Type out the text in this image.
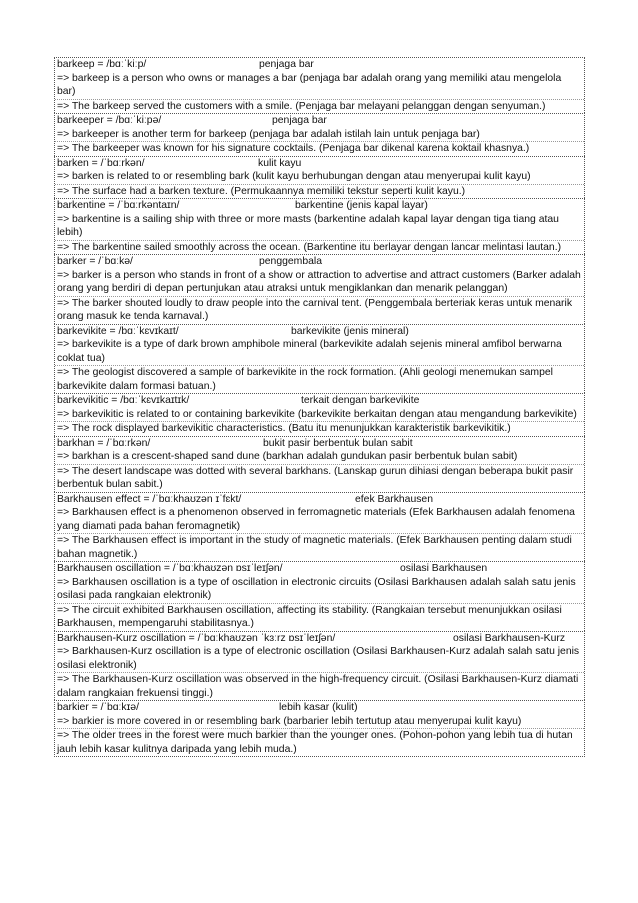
barkeep = /bɑːˈkiːp/	penjaga bar
=> barkeep is a person who owns or manages a bar (penjaga bar adalah orang yang memiliki atau mengelola bar)
=> The barkeep served the customers with a smile. (Penjaga bar melayani pelanggan dengan senyuman.)
barkeeper = /bɑːˈkiːpə/	penjaga bar
=> barkeeper is another term for barkeep (penjaga bar adalah istilah lain untuk penjaga bar)
=> The barkeeper was known for his signature cocktails. (Penjaga bar dikenal karena koktail khasnya.)
barken = /ˈbɑːrkən/	kulit kayu
=> barken is related to or resembling bark (kulit kayu berhubungan dengan atau menyerupai kulit kayu)
=> The surface had a barken texture. (Permukaannya memiliki tekstur seperti kulit kayu.)
barkentine = /ˈbɑːrkəntaɪn/	barkentine (jenis kapal layar)
=> barkentine is a sailing ship with three or more masts (barkentine adalah kapal layar dengan tiga tiang atau lebih)
=> The barkentine sailed smoothly across the ocean. (Barkentine itu berlayar dengan lancar melintasi lautan.)
barker = /ˈbɑːkə/	penggembala
=> barker is a person who stands in front of a show or attraction to advertise and attract customers (Barker adalah orang yang berdiri di depan pertunjukan atau atraksi untuk mengiklankan dan menarik pelanggan)
=> The barker shouted loudly to draw people into the carnival tent. (Penggembala berteriak keras untuk menarik orang masuk ke tenda karnaval.)
barkevikite = /bɑːˈkɛvɪkaɪt/	barkevikite (jenis mineral)
=> barkevikite is a type of dark brown amphibole mineral (barkevikite adalah sejenis mineral amfibol berwarna coklat tua)
=> The geologist discovered a sample of barkevikite in the rock formation. (Ahli geologi menemukan sampel barkevikite dalam formasi batuan.)
barkevikitic = /bɑːˈkɛvɪkaɪtɪk/	terkait dengan barkevikite
=> barkevikitic is related to or containing barkevikite (barkevikite berkaitan dengan atau mengandung barkevikite)
=> The rock displayed barkevikitic characteristics. (Batu itu menunjukkan karakteristik barkevikitik.)
barkhan = /ˈbɑːrkən/	bukit pasir berbentuk bulan sabit
=> barkhan is a crescent-shaped sand dune (barkhan adalah gundukan pasir berbentuk bulan sabit)
=> The desert landscape was dotted with several barkhans. (Lanskap gurun dihiasi dengan beberapa bukit pasir berbentuk bulan sabit.)
Barkhausen effect = /ˈbɑːkhaʊzən ɪˈfɛkt/	efek Barkhausen
=> Barkhausen effect is a phenomenon observed in ferromagnetic materials (Efek Barkhausen adalah fenomena yang diamati pada bahan feromagnetik)
=> The Barkhausen effect is important in the study of magnetic materials. (Efek Barkhausen penting dalam studi bahan magnetik.)
Barkhausen oscillation = /ˈbɑːkhaʊzən ɒsɪˈleɪʃən/	osilasi Barkhausen
=> Barkhausen oscillation is a type of oscillation in electronic circuits (Osilasi Barkhausen adalah salah satu jenis osilasi pada rangkaian elektronik)
=> The circuit exhibited Barkhausen oscillation, affecting its stability. (Rangkaian tersebut menunjukkan osilasi Barkhausen, mempengaruhi stabilitasnya.)
Barkhausen-Kurz oscillation = /ˈbɑːkhaʊzən ˈkɜːrz ɒsɪˈleɪʃən/	osilasi Barkhausen-Kurz
=> Barkhausen-Kurz oscillation is a type of electronic oscillation (Osilasi Barkhausen-Kurz adalah salah satu jenis osilasi elektronik)
=> The Barkhausen-Kurz oscillation was observed in the high-frequency circuit. (Osilasi Barkhausen-Kurz diamati dalam rangkaian frekuensi tinggi.)
barkier = /ˈbɑːkɪə/	lebih kasar (kulit)
=> barkier is more covered in or resembling bark (barbarier lebih tertutup atau menyerupai kulit kayu)
=> The older trees in the forest were much barkier than the younger ones. (Pohon-pohon yang lebih tua di hutan jauh lebih kasar kulitnya daripada yang lebih muda.)
